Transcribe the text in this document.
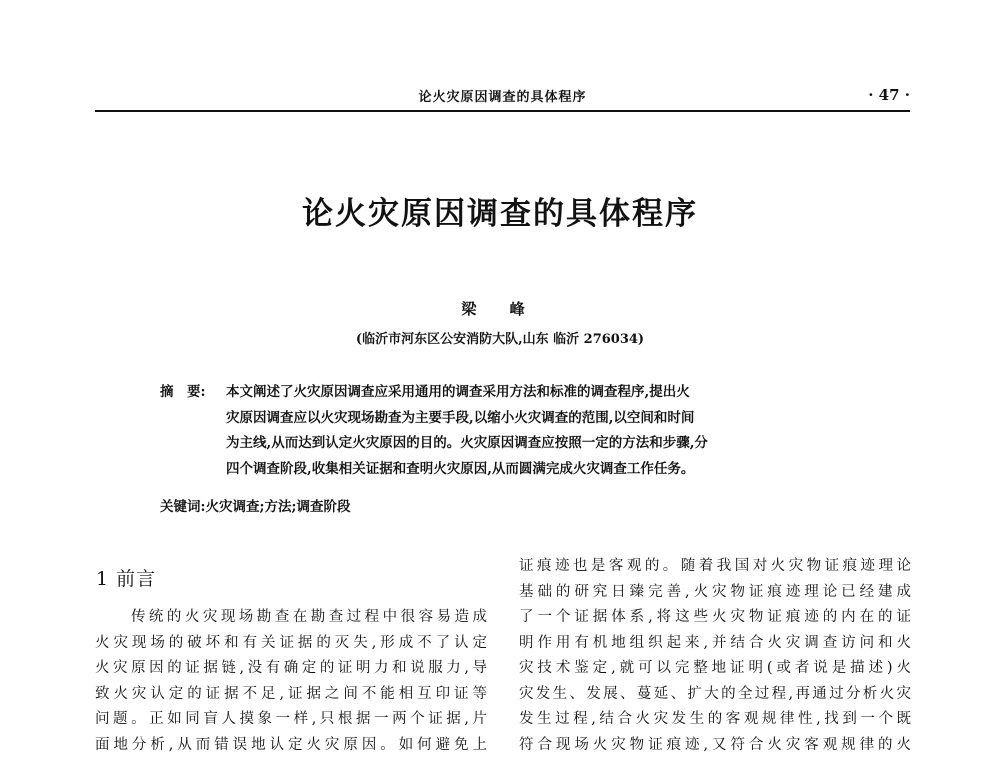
论火灾原因调查的具体程序	· 47 ·
论火灾原因调查的具体程序
梁 峰
(临沂市河东区公安消防大队,山东 临沂 276034)
摘　要: 本文阐述了火灾原因调查应采用通用的调查采用方法和标准的调查程序,提出火
灾原因调查应以火灾现场勘查为主要手段,以缩小火灾调查的范围,以空间和时间
为主线,从而达到认定火灾原因的目的。火灾原因调查应按照一定的方法和步骤,分
四个调查阶段,收集相关证据和查明火灾原因,从而圆满完成火灾调查工作任务。
关键词:火灾调查;方法;调查阶段
1 前言
　　传统的火灾现场勘查在勘查过程中很容易造成
火灾现场的破坏和有关证据的灭失,形成不了认定
火灾原因的证据链,没有确定的证明力和说服力,导
致火灾认定的证据不足,证据之间不能相互印证等
问题。正如同盲人摸象一样,只根据一两个证据,片
面地分析,从而错误地认定火灾原因。如何避免上
证痕迹也是客观的。随着我国对火灾物证痕迹理论
基础的研究日臻完善,火灾物证痕迹理论已经建成
了一个证据体系,将这些火灾物证痕迹的内在的证
明作用有机地组织起来,并结合火灾调查访问和火
灾技术鉴定,就可以完整地证明(或者说是描述)火
灾发生、发展、蔓延、扩大的全过程,再通过分析火灾
发生过程,结合火灾发生的客观规律性,找到一个既
符合现场火灾物证痕迹,又符合火灾客观规律的火
